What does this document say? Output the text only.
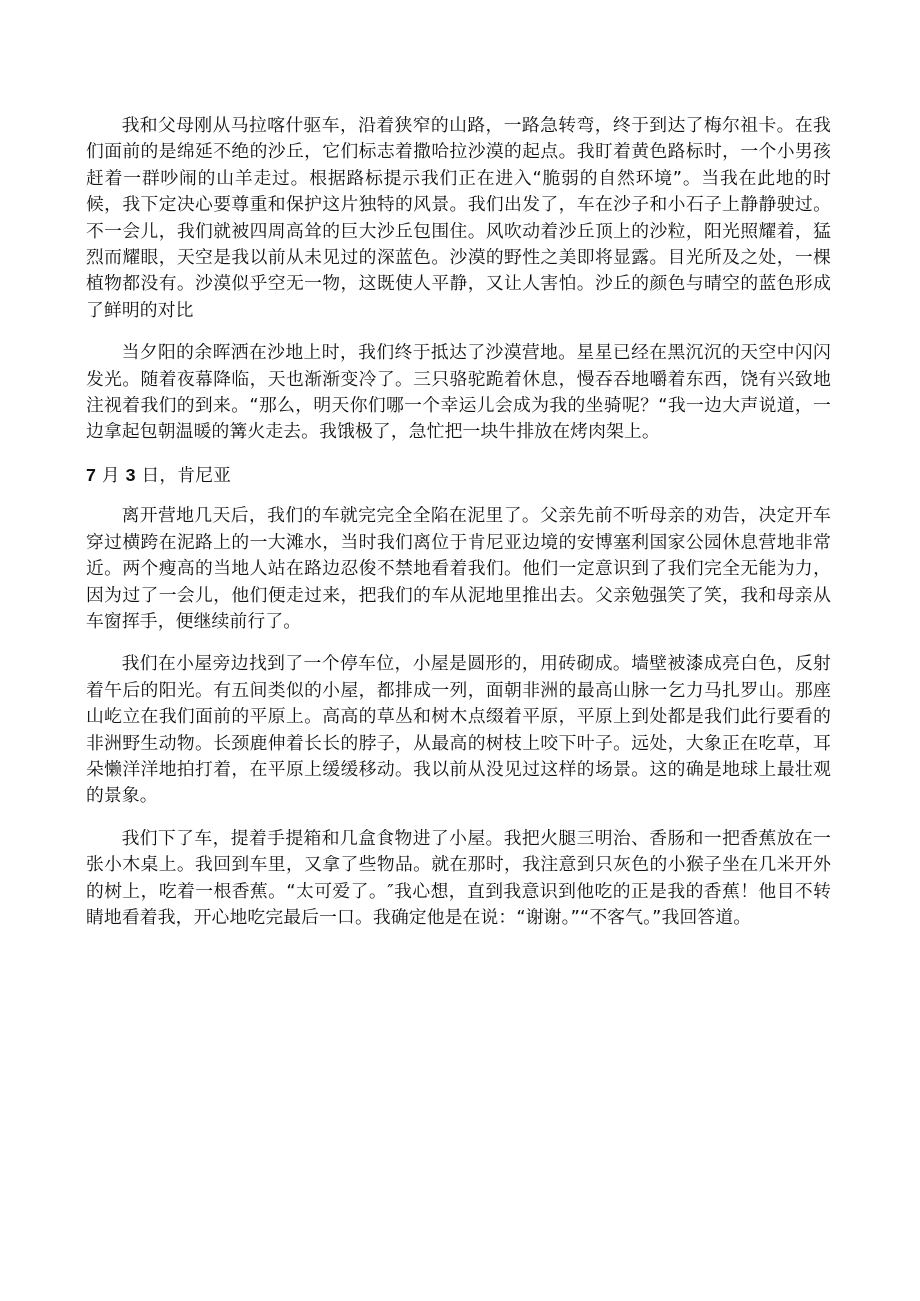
我和父母刚从马拉喀什驱车，沿着狭窄的山路，一路急转弯，终于到达了梅尔祖卡。在我们面前的是绵延不绝的沙丘，它们标志着撒哈拉沙漠的起点。我盯着黄色路标时，一个小男孩赶着一群吵闹的山羊走过。根据路标提示我们正在进入“脆弱的自然环境”。当我在此地的时候，我下定决心要尊重和保护这片独特的风景。我们出发了，车在沙子和小石子上静静驶过。不一会儿，我们就被四周高耸的巨大沙丘包围住。风吹动着沙丘顶上的沙粒，阳光照耀着，猛烈而耀眼，天空是我以前从未见过的深蓝色。沙漠的野性之美即将显露。目光所及之处，一棵植物都没有。沙漠似乎空无一物，这既使人平静，又让人害怕。沙丘的颜色与晴空的蓝色形成了鲜明的对比

当夕阳的余晖洒在沙地上时，我们终于抵达了沙漠营地。星星已经在黑沉沉的天空中闪闪发光。随着夜幕降临，天也渐渐变冷了。三只骆驼跪着休息，慢吞吞地嚼着东西，饶有兴致地注视着我们的到来。“那么，明天你们哪一个幸运儿会成为我的坐骑呢？“我一边大声说道，一边拿起包朝温暖的篝火走去。我饿极了，急忙把一块牛排放在烤肉架上。

7 月 3 日，肯尼亚

离开营地几天后，我们的车就完完全全陷在泥里了。父亲先前不听母亲的劝告，决定开车穿过横跨在泥路上的一大滩水，当时我们离位于肯尼亚边境的安博塞利国家公园休息营地非常近。两个瘦高的当地人站在路边忍俊不禁地看着我们。他们一定意识到了我们完全无能为力，因为过了一会儿，他们便走过来，把我们的车从泥地里推出去。父亲勉强笑了笑，我和母亲从车窗挥手，便继续前行了。

我们在小屋旁边找到了一个停车位，小屋是圆形的，用砖砌成。墙壁被漆成亮白色，反射着午后的阳光。有五间类似的小屋，都排成一列，面朝非洲的最高山脉一乞力马扎罗山。那座山屹立在我们面前的平原上。高高的草丛和树木点缀着平原，平原上到处都是我们此行要看的非洲野生动物。长颈鹿伸着长长的脖子，从最高的树枝上咬下叶子。远处，大象正在吃草，耳朵懒洋洋地拍打着，在平原上缓缓移动。我以前从没见过这样的场景。这的确是地球上最壮观的景象。

我们下了车，提着手提箱和几盒食物进了小屋。我把火腿三明治、香肠和一把香蕉放在一张小木桌上。我回到车里，又拿了些物品。就在那时，我注意到只灰色的小猴子坐在几米开外的树上，吃着一根香蕉。“太可爱了。″我心想，直到我意识到他吃的正是我的香蕉！他目不转睛地看着我，开心地吃完最后一口。我确定他是在说：“谢谢。”“不客气。”我回答道。
